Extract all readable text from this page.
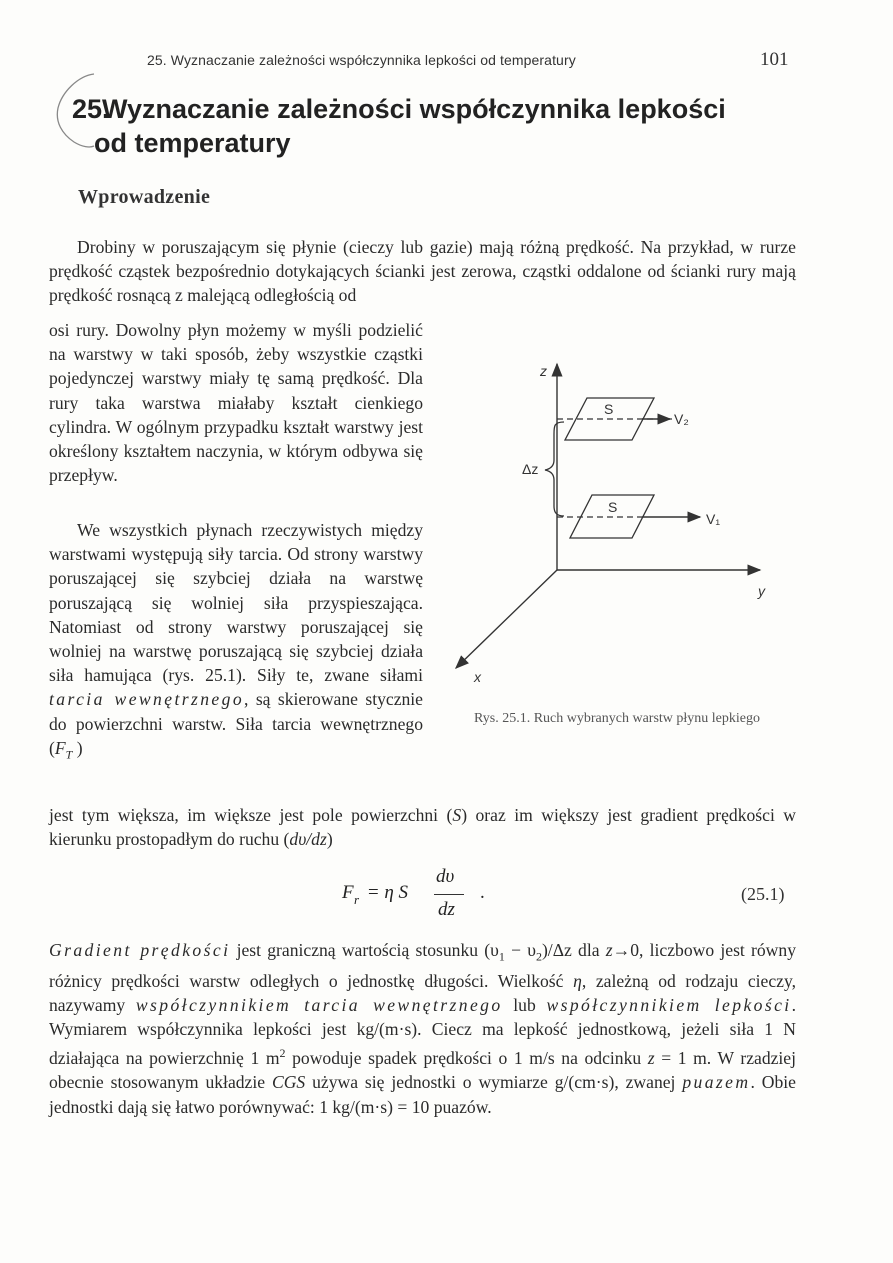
25. Wyznaczanie zależności współczynnika lepkości od temperatury	101
25.Wyznaczanie zależności współczynnika lepkości
od temperatury
Wprowadzenie
Drobiny w poruszającym się płynie (cieczy lub gazie) mają różną prędkość. Na przykład, w rurze prędkość cząstek bezpośrednio dotykających ścianki jest zerowa, cząstki oddalone od ścianki rury mają prędkość rosnącą z malejącą odległością od
osi rury. Dowolny płyn możemy w myśli podzielić na warstwy w taki sposób, żeby wszystkie cząstki pojedynczej warstwy miały tę samą prędkość. Dla rury taka warstwa miałaby kształt cienkiego cylindra. W ogólnym przypadku kształt warstwy jest określony kształtem naczynia, w którym odbywa się przepływ.
We wszystkich płynach rzeczywistych między warstwami występują siły tarcia. Od strony warstwy poruszającej się szybciej działa na warstwę poruszającą się wolniej siła przyspieszająca. Natomiast od strony warstwy poruszającej się wolniej na warstwę poruszającą się szybciej działa siła hamująca (rys. 25.1). Siły te, zwane siłami tarcia wewnętrznego, są skierowane stycznie do powierzchni warstw. Siła tarcia wewnętrznego ($F_T$ )
jest tym większa, im większe jest pole powierzchni (S) oraz im większy jest gradient prędkości w kierunku prostopadłym do ruchu (dυ/dz)
z
y
x
S
V₂
S
V₁
Δz
Rys. 25.1. Ruch wybranych warstw płynu lepkiego
F r = η S
dυ
dz
.	(25.1)
Gradient prędkości jest graniczną wartością stosunku $(\upsilon_1 - \upsilon_2)/\Delta z$ dla z→0, liczbowo jest równy różnicy prędkości warstw odległych o jednostkę długości. Wielkość η, zależną od rodzaju cieczy, nazywamy współczynnikiem tarcia wewnętrznego lub współczynnikiem lepkości. Wymiarem współczynnika lepkości jest kg/(m·s). Ciecz ma lepkość jednostkową, jeżeli siła 1 N działająca na powierzchnię 1 $m^2$ powoduje spadek prędkości o 1 m/s na odcinku z = 1 m. W rzadziej obecnie stosowanym układzie CGS używa się jednostki o wymiarze g/(cm·s), zwanej puazem. Obie jednostki dają się łatwo porównywać: 1 kg/(m·s) = 10 puazów.
